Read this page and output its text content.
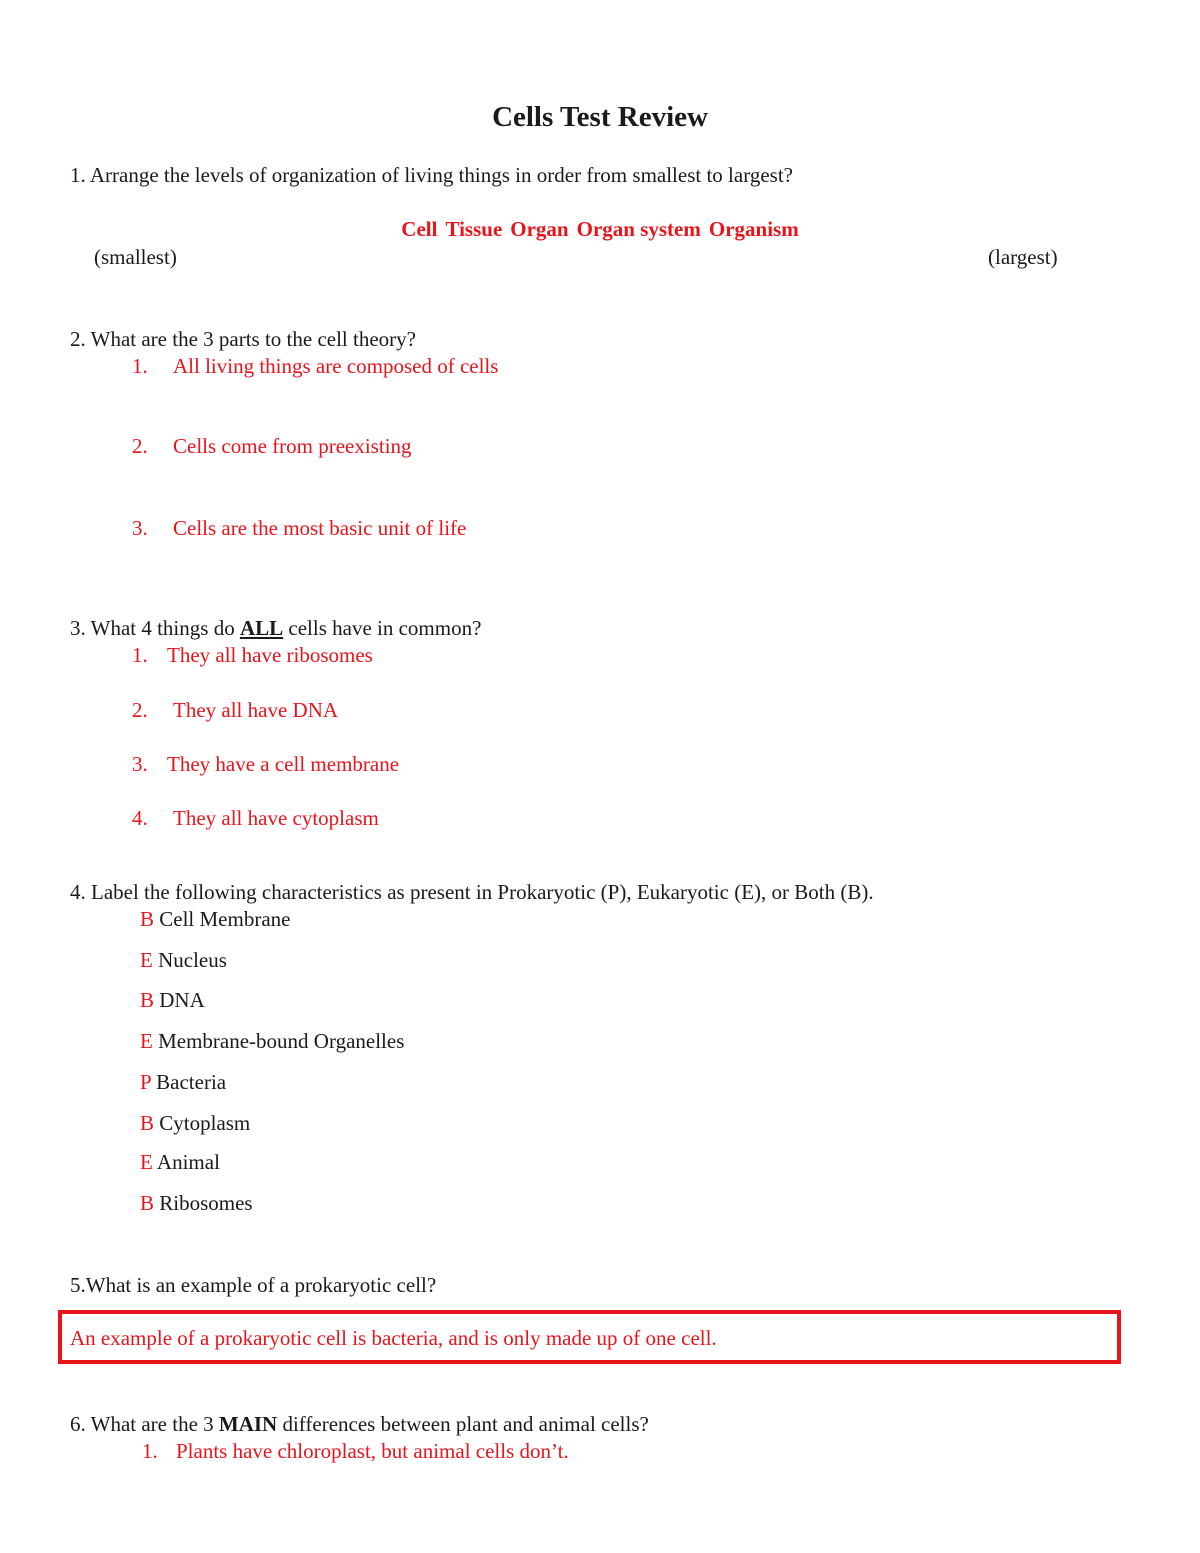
Cells Test Review
1. Arrange the levels of organization of living things in order from smallest to largest?
Cell Tissue Organ Organ system Organism
(smallest)	(largest)
2. What are the 3 parts to the cell theory?
1. All living things are composed of cells
2. Cells come from preexisting
3. Cells are the most basic unit of life
3. What 4 things do ALL cells have in common?
1. They all have ribosomes
2. They all have DNA
3. They have a cell membrane
4. They all have cytoplasm
4. Label the following characteristics as present in Prokaryotic (P), Eukaryotic (E), or Both (B).
B Cell Membrane
E Nucleus
B DNA
E Membrane-bound Organelles
P Bacteria
B Cytoplasm
E Animal
B Ribosomes
5.What is an example of a prokaryotic cell?
An example of a prokaryotic cell is bacteria, and is only made up of one cell.
6. What are the 3 MAIN differences between plant and animal cells?
1. Plants have chloroplast, but animal cells don’t.
